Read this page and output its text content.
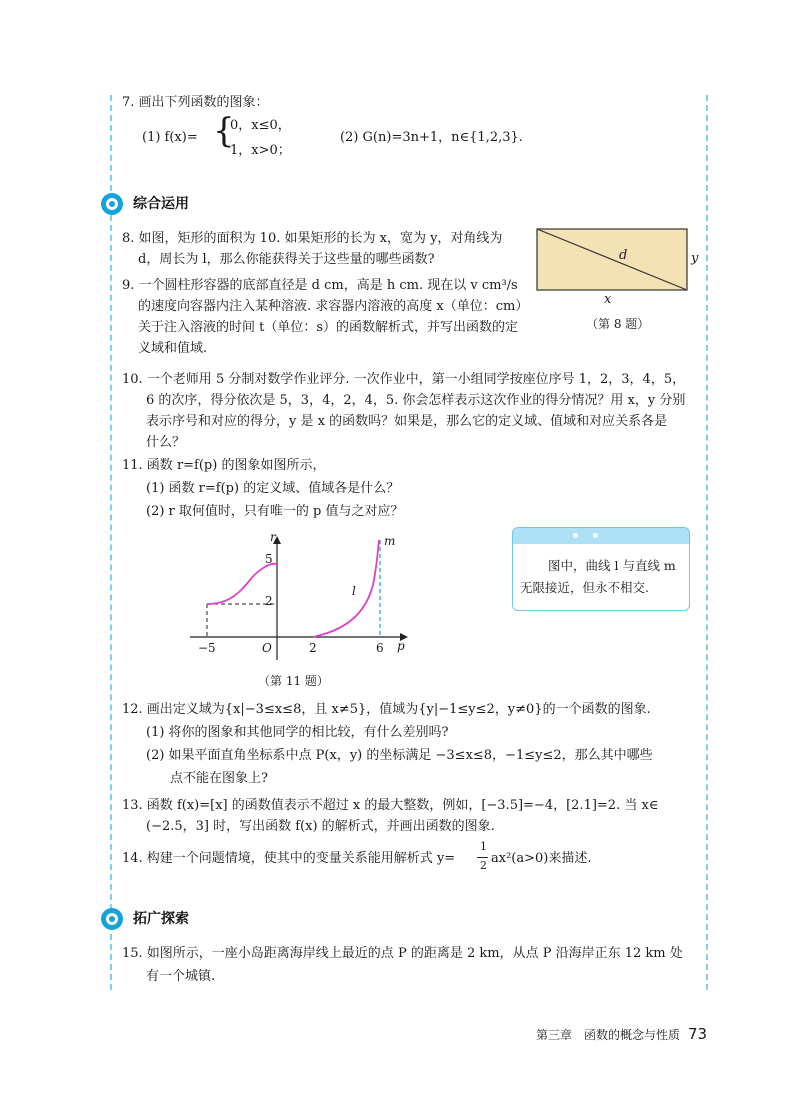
7. 画出下列函数的图象：
(1) f(x)= {
0，x≤0，
1，x>0；
(2) G(n)=3n+1，n∈{1,2,3}.
综合运用
8. 如图，矩形的面积为 10. 如果矩形的长为 x，宽为 y，对角线为
d，周长为 l，那么你能获得关于这些量的哪些函数?	d	y
x
（第 8 题）
9. 一个圆柱形容器的底部直径是 d cm，高是 h cm. 现在以 v cm³/s
的速度向容器内注入某种溶液. 求容器内溶液的高度 x（单位：cm）
关于注入溶液的时间 t（单位：s）的函数解析式，并写出函数的定
义域和值域.
10. 一个老师用 5 分制对数学作业评分. 一次作业中，第一小组同学按座位序号 1，2，3，4，5，
6 的次序，得分依次是 5，3，4，2，4，5. 你会怎样表示这次作业的得分情况？用 x，y 分别
表示序号和对应的得分，y 是 x 的函数吗？如果是，那么它的定义域、值域和对应关系各是
什么？
11. 函数 r=f(p) 的图象如图所示，
(1) 函数 r=f(p) 的定义域、值域各是什么？
(2) r 取何值时，只有唯一的 p 值与之对应？
r
5
2
m
l
−5	O	2	6 p
（第 11 题）
图中，曲线 l 与直线 m
无限接近，但永不相交.
12. 画出定义域为{x|−3≤x≤8，且 x≠5}，值域为{y|−1≤y≤2，y≠0}的一个函数的图象.
(1) 将你的图象和其他同学的相比较，有什么差别吗?
(2) 如果平面直角坐标系中点 P(x，y) 的坐标满足 −3≤x≤8，−1≤y≤2，那么其中哪些
点不能在图象上?
13. 函数 f(x)=[x] 的函数值表示不超过 x 的最大整数，例如，[−3.5]=−4，[2.1]=2. 当 x∈
(−2.5，3] 时，写出函数 f(x) 的解析式，并画出函数的图象.
14. 构建一个问题情境，使其中的变量关系能用解析式 y=
1
2 ax²(a>0)来描述.
拓广探索
15. 如图所示，一座小岛距离海岸线上最近的点 P 的距离是 2 km，从点 P 沿海岸正东 12 km 处
有一个城镇.
第三章　函数的概念与性质 73
